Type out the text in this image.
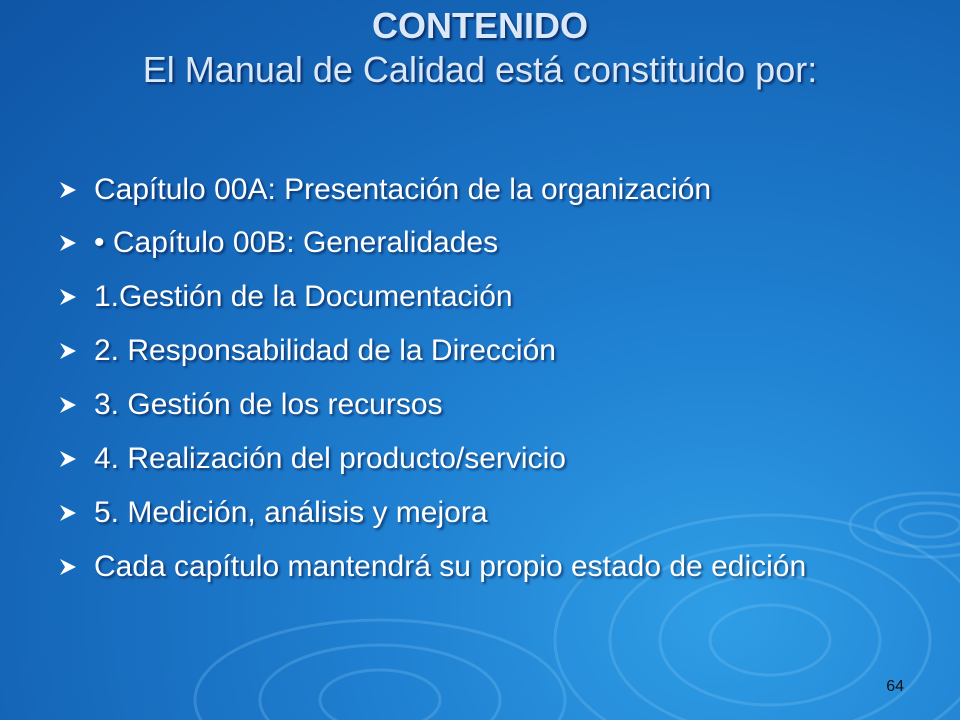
CONTENIDO
El Manual de Calidad está constituido por:
Capítulo 00A: Presentación de la organización
• Capítulo 00B: Generalidades
1.Gestión de la Documentación
2. Responsabilidad de la Dirección
3. Gestión de los recursos
4. Realización del producto/servicio
5. Medición, análisis y mejora
Cada capítulo mantendrá su propio estado de edición
64
